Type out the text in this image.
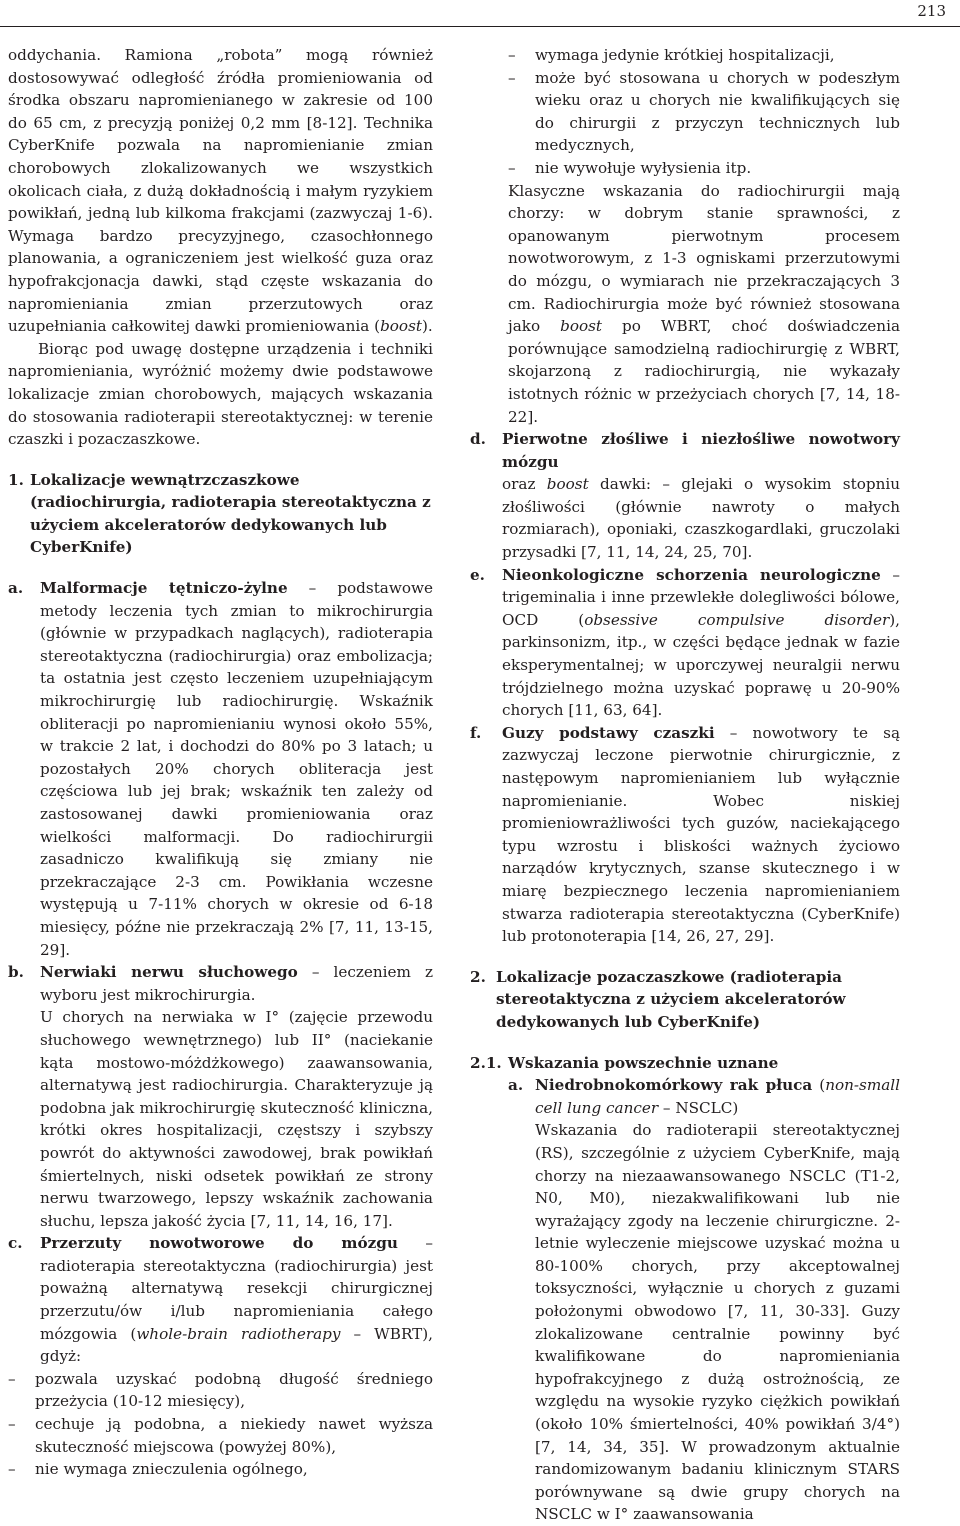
213

oddychania. Ramiona „robota” mogą również dostosowywać odległość źródła promieniowania od środka obszaru napromienianego w zakresie od 100 do 65 cm, z precyzją poniżej 0,2 mm [8-12]. Technika CyberKnife pozwala na napromienianie zmian chorobowych zlokalizowanych we wszystkich okolicach ciała, z dużą dokładnością i małym ryzykiem powikłań, jedną lub kilkoma frakcjami (zazwyczaj 1-6). Wymaga bardzo precyzyjnego, czasochłonnego planowania, a ograniczeniem jest wielkość guza oraz hypofrakcjonacja dawki, stąd częste wskazania do napromieniania zmian przerzutowych oraz uzupełniania całkowitej dawki promieniowania (boost).

Biorąc pod uwagę dostępne urządzenia i techniki napromieniania, wyróżnić możemy dwie podstawowe lokalizacje zmian chorobowych, mających wskazania do stosowania radioterapii stereotaktycznej: w terenie czaszki i pozaczaszkowe.

1. Lokalizacje wewnątrzczaszkowe (radiochirurgia, radioterapia stereotaktyczna z użyciem akceleratorów dedykowanych lub CyberKnife)
a.	Malformacje tętniczo-żylne – podstawowe metody leczenia tych zmian to mikrochirurgia (głównie w przypadkach naglących), radioterapia stereotaktyczna (radiochirurgia) oraz embolizacja; ta ostatnia jest często leczeniem uzupełniającym mikrochirurgię lub radiochirurgię. Wskaźnik obliteracji po napromienianiu wynosi około 55%, w trakcie 2 lat, i dochodzi do 80% po 3 latach; u pozostałych 20% chorych obliteracja jest częściowa lub jej brak; wskaźnik ten zależy od zastosowanej dawki promieniowania oraz wielkości malformacji. Do radiochirurgii zasadniczo kwalifikują się zmiany nie przekraczające 2-3 cm. Powikłania wczesne występują u 7-11% chorych w okresie od 6-18 miesięcy, późne nie przekraczają 2% [7, 11, 13-15, 29].

b.	Nerwiaki nerwu słuchowego – leczeniem z wyboru jest mikrochirurgia.

U chorych na nerwiaka w I° (zajęcie przewodu słuchowego wewnętrznego) lub II° (naciekanie kąta mostowo-móżdżkowego) zaawansowania, alternatywą jest radiochirurgia. Charakteryzuje ją podobna jak mikrochirurgię skuteczność kliniczna, krótki okres hospitalizacji, częstszy i szybszy powrót do aktywności zawodowej, brak powikłań śmiertelnych, niski odsetek powikłań ze strony nerwu twarzowego, lepszy wskaźnik zachowania słuchu, lepsza jakość życia [7, 11, 14, 16, 17].

c.	Przerzuty nowotworowe do mózgu – radioterapia stereotaktyczna (radiochirurgia) jest poważną alternatywą resekcji chirurgicznej przerzutu/ów i/lub napromieniania całego mózgowia (whole-brain radiotherapy – WBRT), gdyż:

–	pozwala uzyskać podobną długość średniego przeżycia (10-12 miesięcy),
–	cechuje ją podobna, a niekiedy nawet wyższa skuteczność miejscowa (powyżej 80%),
–	nie wymaga znieczulenia ogólnego,
–	wymaga jedynie krótkiej hospitalizacji,
–	może być stosowana u chorych w podeszłym wieku oraz u chorych nie kwalifikujących się do chirurgii z przyczyn technicznych lub medycznych,
–	nie wywołuje wyłysienia itp.

Klasyczne wskazania do radiochirurgii mają chorzy: w dobrym stanie sprawności, z opanowanym pierwotnym procesem nowotworowym, z 1-3 ogniskami przerzutowymi do mózgu, o wymiarach nie przekraczających 3 cm. Radiochirurgia może być również stosowana jako boost po WBRT, choć doświadczenia porównujące samodzielną radiochirurgię z WBRT, skojarzoną z radiochirurgią, nie wykazały istotnych różnic w przeżyciach chorych [7, 14, 18-22].

d.	Pierwotne złośliwe i niezłośliwe nowotwory mózgu
oraz boost dawki: – glejaki o wysokim stopniu złośliwości (głównie nawroty o małych rozmiarach), oponiaki, czaszkogardlaki, gruczolaki przysadki [7, 11, 14, 24, 25, 70].

e.	Nieonkologiczne schorzenia neurologiczne – trigeminalia i inne przewlekłe dolegliwości bólowe, OCD (obsessive compulsive disorder), parkinsonizm, itp., w części będące jednak w fazie eksperymentalnej; w uporczywej neuralgii nerwu trójdzielnego można uzyskać poprawę u 20-90% chorych [11, 63, 64].

f.	Guzy podstawy czaszki – nowotwory te są zazwyczaj leczone pierwotnie chirurgicznie, z następowym napromienianiem lub wyłącznie napromienianie. Wobec niskiej promieniowrażliwości tych guzów, naciekającego typu wzrostu i bliskości ważnych życiowo narządów krytycznych, szanse skutecznego i w miarę bezpiecznego leczenia napromienianiem stwarza radioterapia stereotaktyczna (CyberKnife) lub protonoterapia [14, 26, 27, 29].

2. Lokalizacje pozaczaszkowe (radioterapia stereotaktyczna z użyciem akceleratorów dedykowanych lub CyberKnife)
2.1. Wskazania powszechnie uznane
a. Niedrobnokomórkowy rak płuca (non-small cell lung cancer – NSCLC)

Wskazania do radioterapii stereotaktycznej (RS), szczególnie z użyciem CyberKnife, mają chorzy na niezaawansowanego NSCLC (T1-2, N0, M0), niezakwalifikowani lub nie wyrażający zgody na leczenie chirurgiczne. 2-letnie wyleczenie miejscowe uzyskać można u 80-100% chorych, przy akceptowalnej toksyczności, wyłącznie u chorych z guzami położonymi obwodowo [7, 11, 30-33]. Guzy zlokalizowane centralnie powinny być kwalifikowane do napromieniania hypofrakcyjnego z dużą ostrożnością, ze względu na wysokie ryzyko ciężkich powikłań (około 10% śmiertelności, 40% powikłań 3/4°) [7, 14, 34, 35]. W prowadzonym aktualnie randomizowanym badaniu klinicznym STARS porównywane są dwie grupy chorych na NSCLC w I° zaawansowania
